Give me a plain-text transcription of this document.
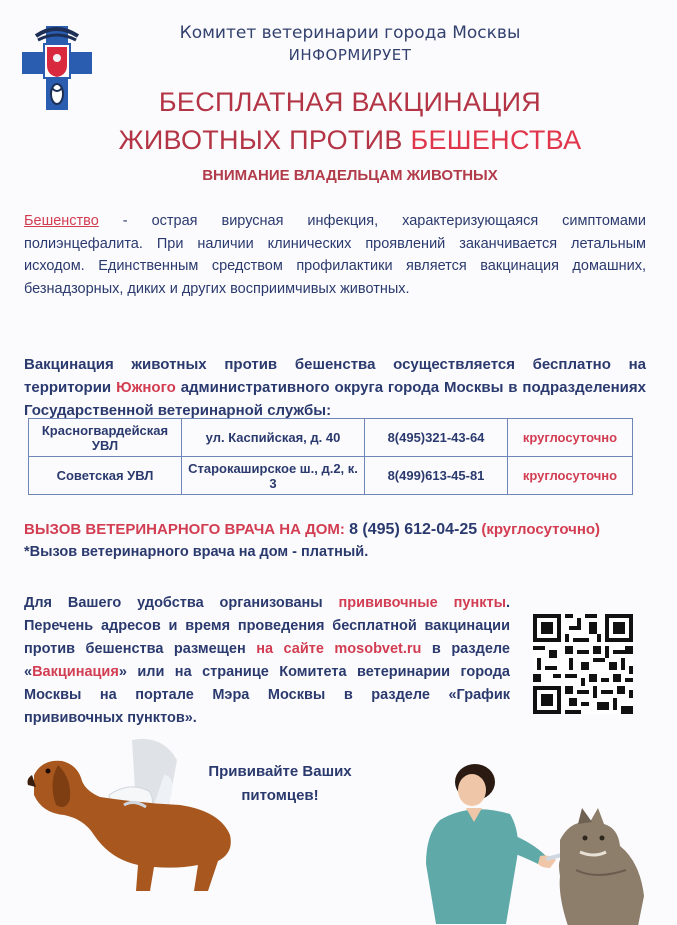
Комитет ветеринарии города Москвы
ИНФОРМИРУЕТ
БЕСПЛАТНАЯ ВАКЦИНАЦИЯ
ЖИВОТНЫХ ПРОТИВ БЕШЕНСТВА
ВНИМАНИЕ ВЛАДЕЛЬЦАМ ЖИВОТНЫХ
Бешенство - острая вирусная инфекция, характеризующаяся симптомами полиэнцефалита. При наличии клинических проявлений заканчивается летальным исходом. Единственным средством профилактики является вакцинация домашних, безнадзорных, диких и других восприимчивых животных.
Вакцинация животных против бешенства осуществляется бесплатно на территории Южного административного округа города Москвы в подразделениях Государственной ветеринарной службы:
Красногвардейская УВЛ	ул. Каспийская, д. 40	8(495)321-43-64	круглосуточно
Советская УВЛ	Старокаширское ш., д.2, к. 3	8(499)613-45-81	круглосуточно
ВЫЗОВ ВЕТЕРИНАРНОГО ВРАЧА НА ДОМ: 8 (495) 612-04-25 (круглосуточно)
*Вызов ветеринарного врача на дом - платный.
Для Вашего удобства организованы прививочные пункты. Перечень адресов и время проведения бесплатной вакцинации против бешенства размещен на сайте mosobvet.ru в разделе «Вакцинация» или на странице Комитета ветеринарии города Москвы на портале Мэра Москвы в разделе «График прививочных пунктов».
Прививайте Ваших
питомцев!
